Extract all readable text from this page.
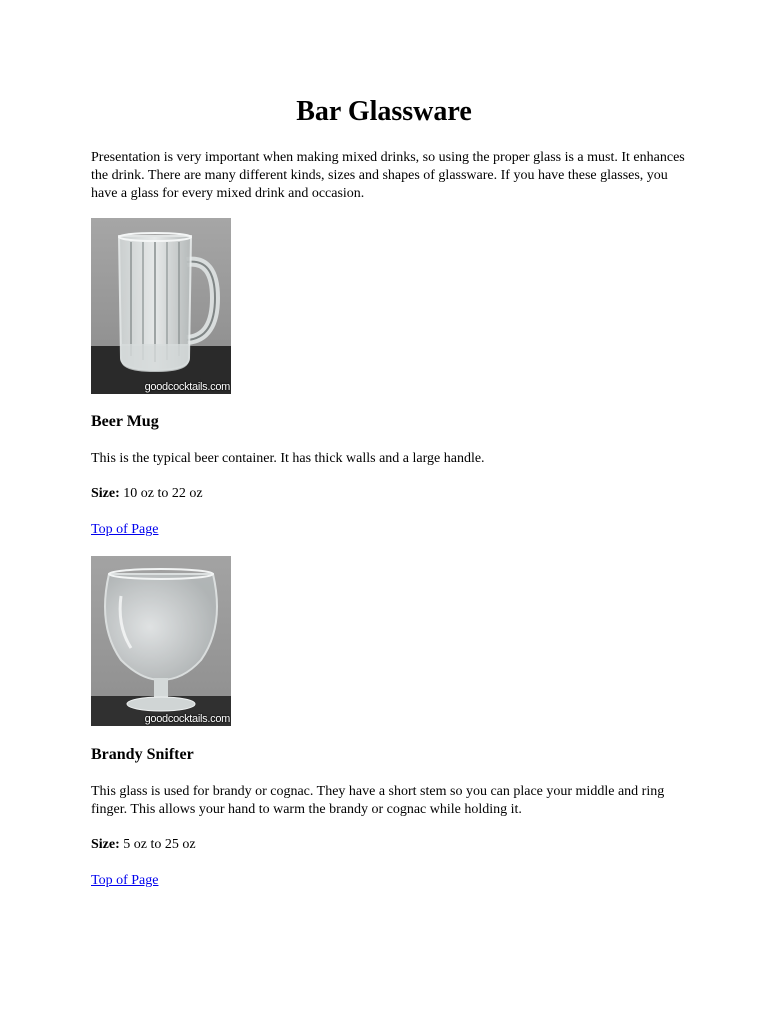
Bar Glassware

Presentation is very important when making mixed drinks, so using the proper glass is a must. It enhances the drink. There are many different kinds, sizes and shapes of glassware. If you have these glasses, you have a glass for every mixed drink and occasion.

goodcocktails.com
Beer Mug

This is the typical beer container. It has thick walls and a large handle.

Size: 10 oz to 22 oz

Top of Page
goodcocktails.com
Brandy Snifter

This glass is used for brandy or cognac. They have a short stem so you can place your middle and ring finger. This allows your hand to warm the brandy or cognac while holding it.

Size: 5 oz to 25 oz

Top of Page
